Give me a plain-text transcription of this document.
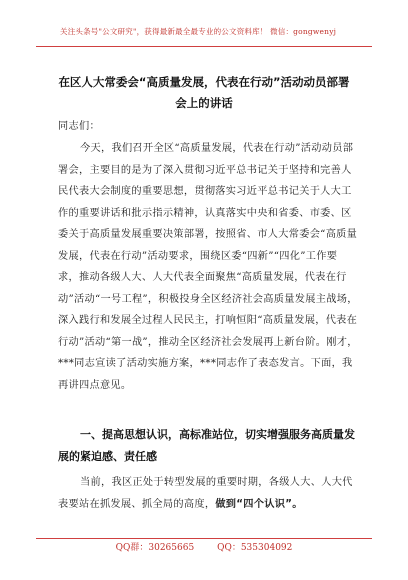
关注头条号"公文研究"，获得最新最全最专业的公文资料库！ 微信：gongwenyj
在区人大常委会“高质量发展，代表在行动”活动动员部署会上的讲话
同志们：
今天，我们召开全区“高质量发展，代表在行动”活动动员部署会，主要目的是为了深入贯彻习近平总书记关于坚持和完善人民代表大会制度的重要思想，贯彻落实习近平总书记关于人大工作的重要讲话和批示指示精神，认真落实中央和省委、市委、区委关于高质量发展重要决策部署，按照省、市人大常委会“高质量发展，代表在行动”活动要求，围绕区委“四新”“四化”工作要求，推动各级人大、人大代表全面聚焦“高质量发展，代表在行动”活动“一号工程”，积极投身全区经济社会高质量发展主战场，深入践行和发展全过程人民民主，打响恒阳“高质量发展，代表在行动”活动“第一战”，推动全区经济社会发展再上新台阶。刚才，***同志宣读了活动实施方案，***同志作了表态发言。下面，我再讲四点意见。
一、提高思想认识，高标准站位，切实增强服务高质量发展的紧迫感、责任感
当前，我区正处于转型发展的重要时期，各级人大、人大代表要站在抓发展、抓全局的高度，做到“四个认识”。
QQ群：30265665	QQ：535304092
